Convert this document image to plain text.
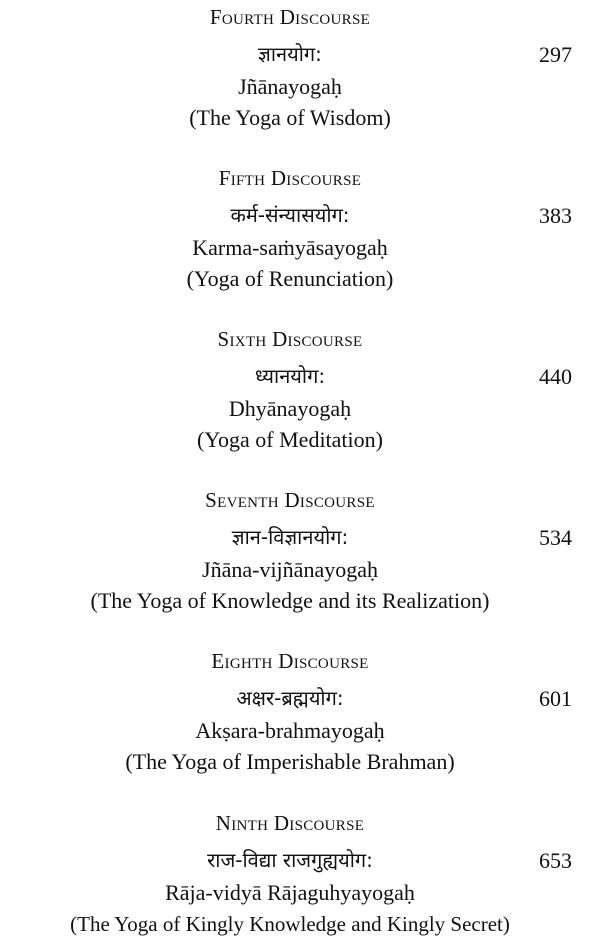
Fourth Discourse
ज्ञानयोग:	297
Jñānayogaḥ
(The Yoga of Wisdom)
Fifth Discourse
कर्म-संन्यासयोग:	383
Karma-saṁyāsayogaḥ
(Yoga of Renunciation)
Sixth Discourse
ध्यानयोग:	440
Dhyānayogaḥ
(Yoga of Meditation)
Seventh Discourse
ज्ञान-विज्ञानयोग:	534
Jñāna-vijñānayogaḥ
(The Yoga of Knowledge and its Realization)
Eighth Discourse
अक्षर-ब्रह्मयोग:	601
Akṣara-brahmayogaḥ
(The Yoga of Imperishable Brahman)
Ninth Discourse
राज-विद्या राजगुह्ययोग:	653
Rāja-vidyā Rājaguhyayogaḥ
(The Yoga of Kingly Knowledge and Kingly Secret)
